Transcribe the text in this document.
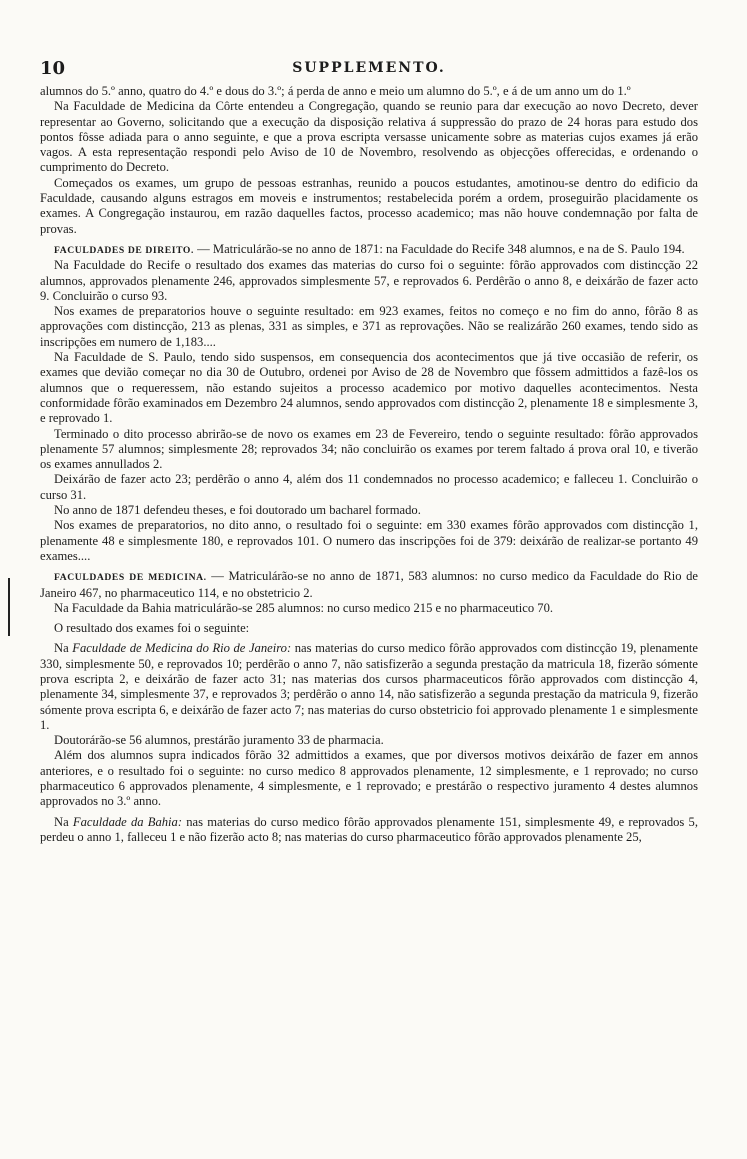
10	SUPPLEMENTO.

alumnos do 5.º anno, quatro do 4.º e dous do 3.º; á perda de anno e meio um alumno do 5.º, e á de um anno um do 1.º

Na Faculdade de Medicina da Côrte entendeu a Congregação, quando se reunio para dar execução ao novo Decreto, dever representar ao Governo, solicitando que a execução da disposição relativa á suppressão do prazo de 24 horas para estudo dos pontos fôsse adiada para o anno seguinte, e que a prova escripta versasse unicamente sobre as materias cujos exames já erão vagos. A esta representação respondi pelo Aviso de 10 de Novembro, resolvendo as objecções offerecidas, e ordenando o cumprimento do Decreto.

Começados os exames, um grupo de pessoas estranhas, reunido a poucos estudantes, amotinou-se dentro do edificio da Faculdade, causando alguns estragos em moveis e instrumentos; restabelecida porém a ordem, proseguirão placidamente os exames. A Congregação instaurou, em razão daquelles factos, processo academico; mas não houve condemnação por falta de provas.

FACULDADES DE DIREITO. — Matriculárão-se no anno de 1871: na Faculdade do Recife 348 alumnos, e na de S. Paulo 194.

Na Faculdade do Recife o resultado dos exames das materias do curso foi o seguinte: fôrão approvados com distincção 22 alumnos, approvados plenamente 246, approvados simplesmente 57, e reprovados 6. Perdêrão o anno 8, e deixárão de fazer acto 9. Concluirão o curso 93.

Nos exames de preparatorios houve o seguinte resultado: em 923 exames, feitos no começo e no fim do anno, fôrão 8 as approvações com distincção, 213 as plenas, 331 as simples, e 371 as reprovações. Não se realizárão 260 exames, tendo sido as inscripções em numero de 1,183....

Na Faculdade de S. Paulo, tendo sido suspensos, em consequencia dos acontecimentos que já tive occasião de referir, os exames que devião começar no dia 30 de Outubro, ordenei por Aviso de 28 de Novembro que fôssem admittidos a fazê-los os alumnos que o requeressem, não estando sujeitos a processo academico por motivo daquelles acontecimentos. Nesta conformidade fôrão examinados em Dezembro 24 alumnos, sendo approvados com distincção 2, plenamente 18 e simplesmente 3, e reprovado 1.

Terminado o dito processo abrirão-se de novo os exames em 23 de Fevereiro, tendo o seguinte resultado: fôrão approvados plenamente 57 alumnos; simplesmente 28; reprovados 34; não concluirão os exames por terem faltado á prova oral 10, e tiverão os exames annullados 2.

Deixárão de fazer acto 23; perdêrão o anno 4, além dos 11 condemnados no processo academico; e falleceu 1. Concluirão o curso 31.

No anno de 1871 defendeu theses, e foi doutorado um bacharel formado.

Nos exames de preparatorios, no dito anno, o resultado foi o seguinte: em 330 exames fôrão approvados com distincção 1, plenamente 48 e simplesmente 180, e reprovados 101. O numero das inscripções foi de 379: deixárão de realizar-se portanto 49 exames....

FACULDADES DE MEDICINA. — Matriculárão-se no anno de 1871, 583 alumnos: no curso medico da Faculdade do Rio de Janeiro 467, no pharmaceutico 114, e no obstetricio 2.

Na Faculdade da Bahia matriculárão-se 285 alumnos: no curso medico 215 e no pharmaceutico 70.

O resultado dos exames foi o seguinte:

Na Faculdade de Medicina do Rio de Janeiro: nas materias do curso medico fôrão approvados com distincção 19, plenamente 330, simplesmente 50, e reprovados 10; perdêrão o anno 7, não satisfizerão a segunda prestação da matricula 18, fizerão sómente prova escripta 2, e deixárão de fazer acto 31; nas materias dos cursos pharmaceuticos fôrão approvados com distincção 4, plenamente 34, simplesmente 37, e reprovados 3; perdêrão o anno 14, não satisfizerão a segunda prestação da matricula 9, fizerão sómente prova escripta 6, e deixárão de fazer acto 7; nas materias do curso obstetricio foi approvado plenamente 1 e simplesmente 1.

Doutorárão-se 56 alumnos, prestárão juramento 33 de pharmacia.

Além dos alumnos supra indicados fôrão 32 admittidos a exames, que por diversos motivos deixárão de fazer em annos anteriores, e o resultado foi o seguinte: no curso medico 8 approvados plenamente, 12 simplesmente, e 1 reprovado; no curso pharmaceutico 6 approvados plenamente, 4 simplesmente, e 1 reprovado; e prestárão o respectivo juramento 4 destes alumnos approvados no 3.º anno.

Na Faculdade da Bahia: nas materias do curso medico fôrão approvados plenamente 151, simplesmente 49, e reprovados 5, perdeu o anno 1, falleceu 1 e não fizerão acto 8; nas materias do curso pharmaceutico fôrão approvados plenamente 25,
